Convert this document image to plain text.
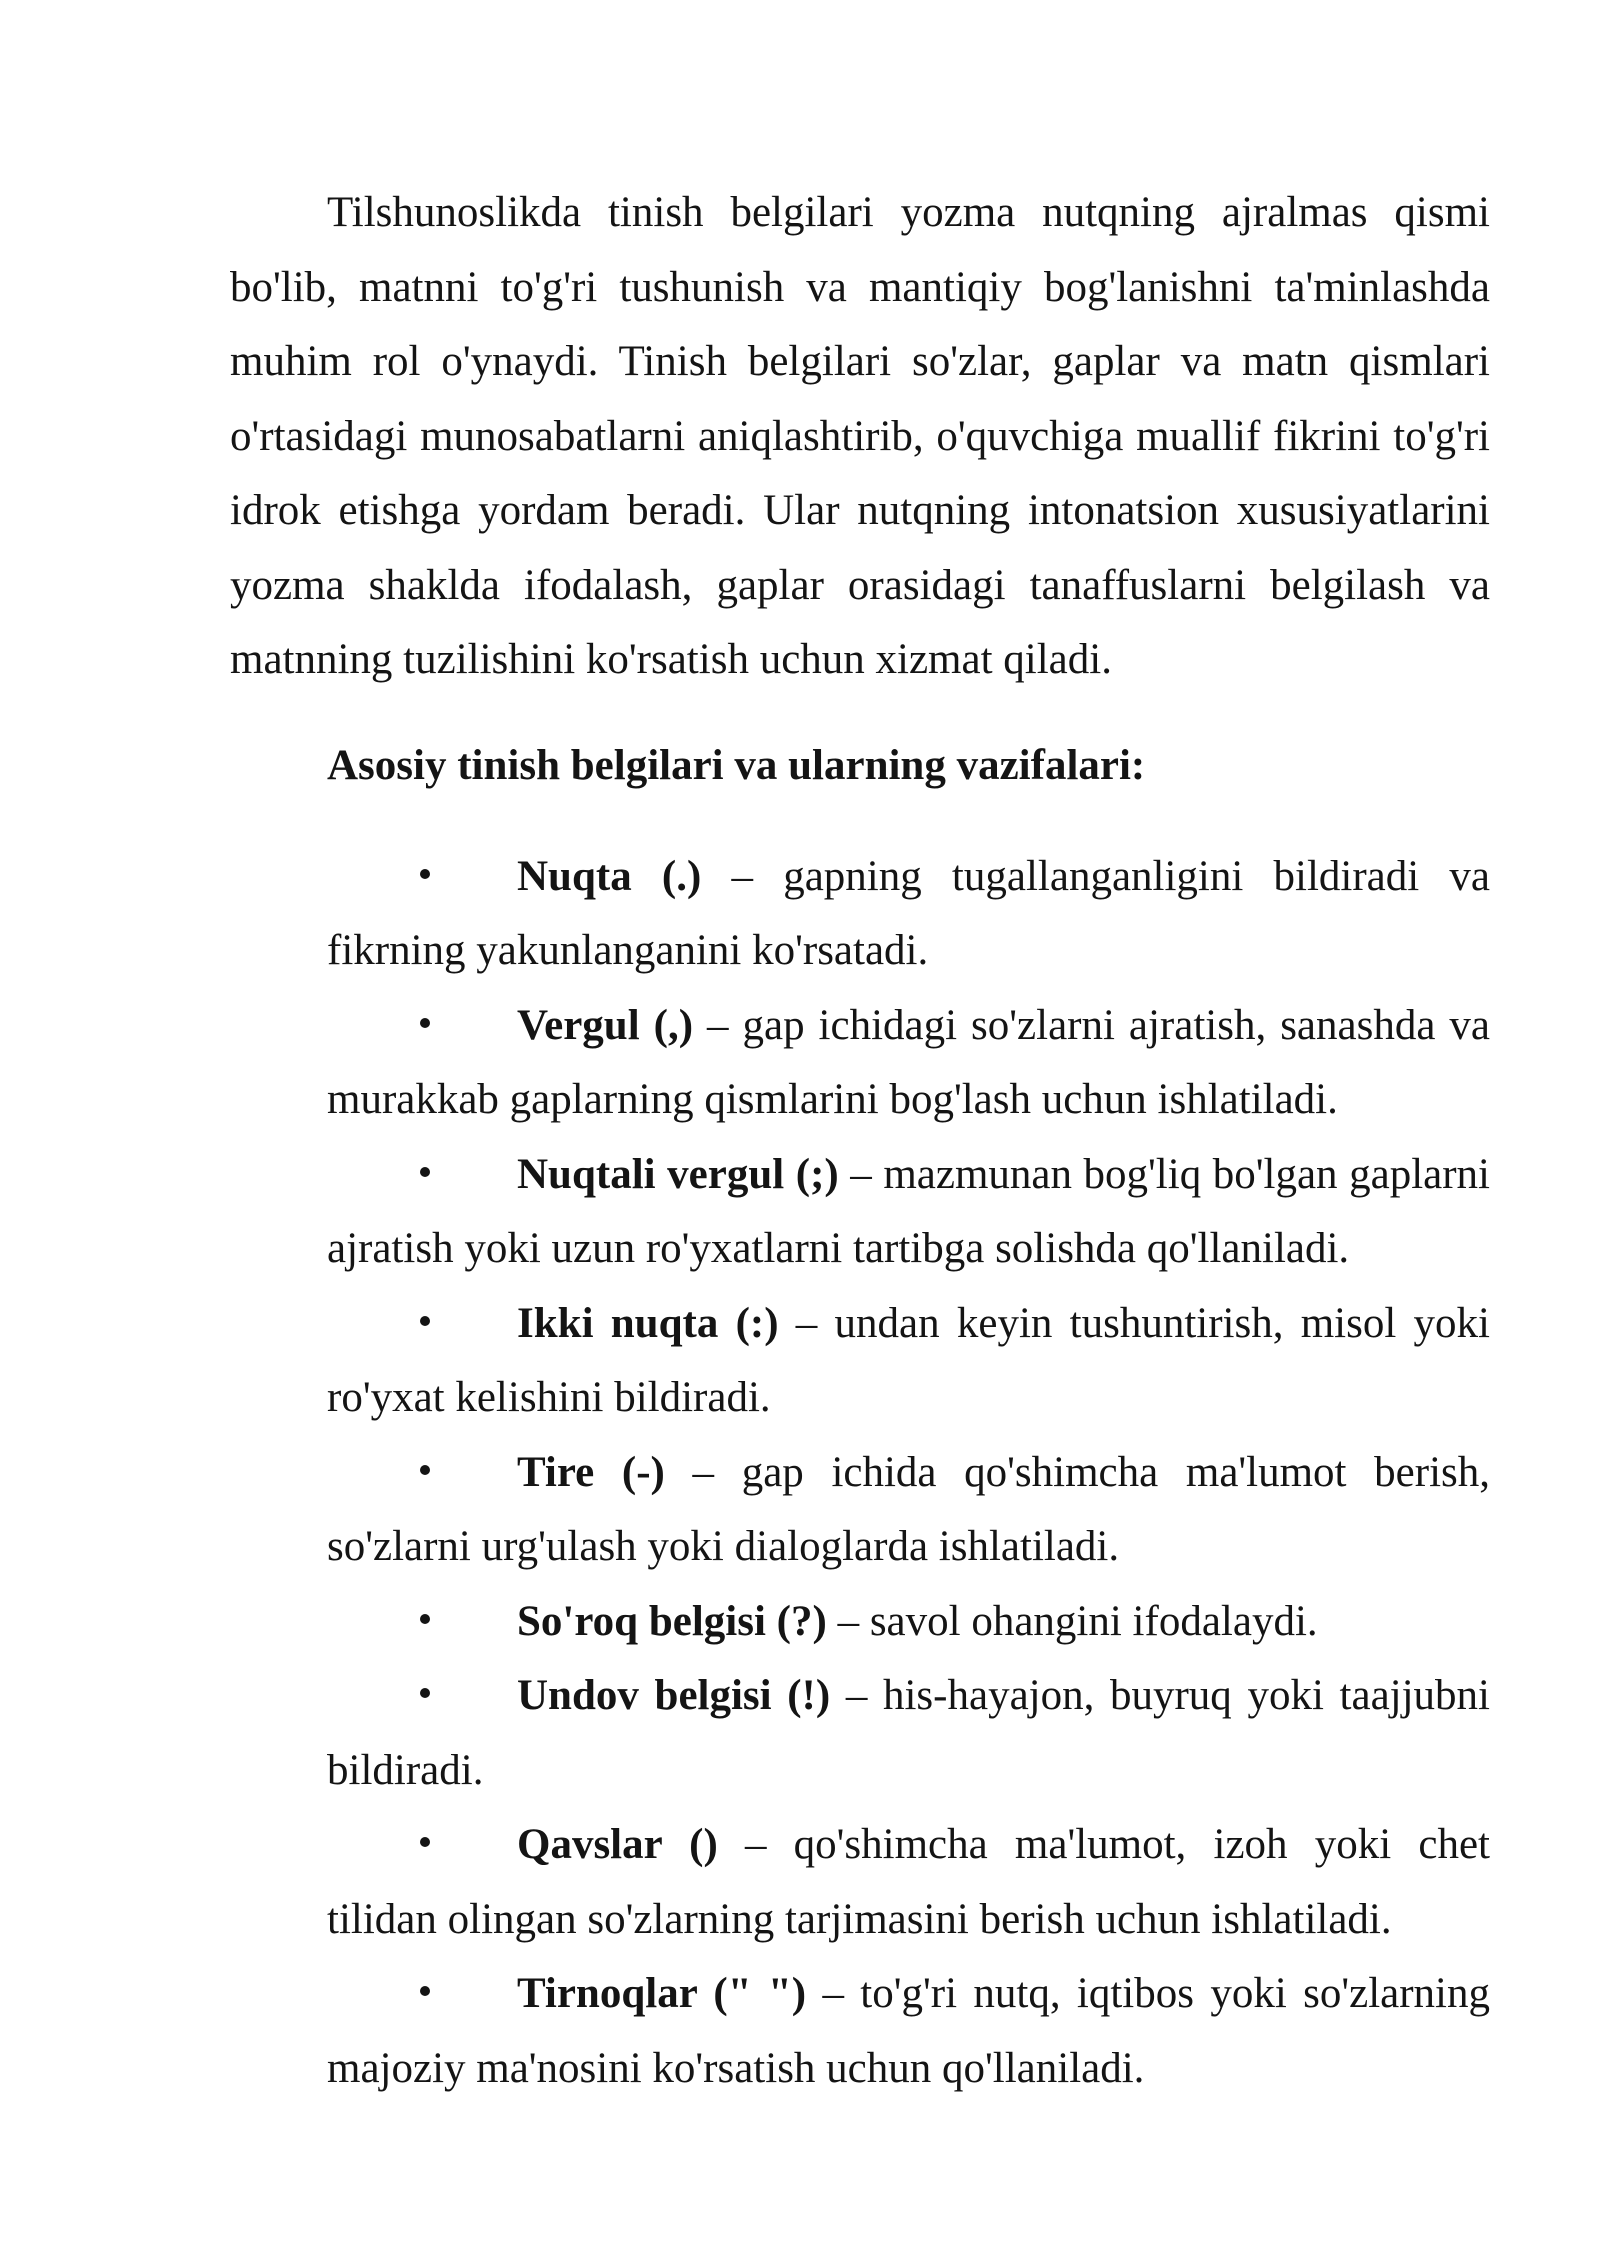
Tilshunoslikda tinish belgilari yozma nutqning ajralmas qismi bo'lib, matnni to'g'ri tushunish va mantiqiy bog'lanishni ta'minlashda muhim rol o'ynaydi. Tinish belgilari so'zlar, gaplar va matn qismlari o'rtasidagi munosabatlarni aniqlashtirib, o'quvchiga muallif fikrini to'g'ri idrok etishga yordam beradi. Ular nutqning intonatsion xususiyatlarini yozma shaklda ifodalash, gaplar orasidagi tanaffuslarni belgilash va matnning tuzilishini ko'rsatish uchun xizmat qiladi.

Asosiy tinish belgilari va ularning vazifalari:
Nuqta (.) – gapning tugallanganligini bildiradi va fikrning yakunlanganini ko'rsatadi.
Vergul (,) – gap ichidagi so'zlarni ajratish, sanashda va murakkab gaplarning qismlarini bog'lash uchun ishlatiladi.
Nuqtali vergul (;) – mazmunan bog'liq bo'lgan gaplarni ajratish yoki uzun ro'yxatlarni tartibga solishda qo'llaniladi.
Ikki nuqta (:) – undan keyin tushuntirish, misol yoki ro'yxat kelishini bildiradi.
Tire (-) – gap ichida qo'shimcha ma'lumot berish, so'zlarni urg'ulash yoki dialoglarda ishlatiladi.
So'roq belgisi (?) – savol ohangini ifodalaydi.
Undov belgisi (!) – his-hayajon, buyruq yoki taajjubni bildiradi.
Qavslar () – qo'shimcha ma'lumot, izoh yoki chet tilidan olingan so'zlarning tarjimasini berish uchun ishlatiladi.
Tirnoqlar (" ") – to'g'ri nutq, iqtibos yoki so'zlarning majoziy ma'nosini ko'rsatish uchun qo'llaniladi.
